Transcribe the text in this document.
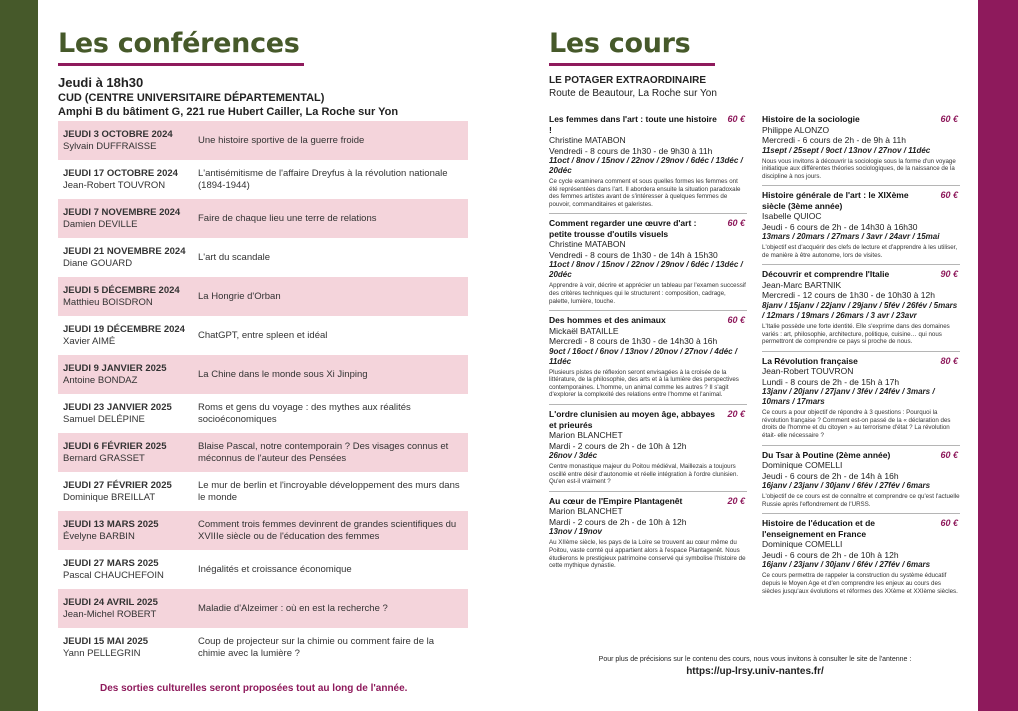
Les conférences
Jeudi à 18h30
CUD (CENTRE UNIVERSITAIRE DÉPARTEMENTAL)
Amphi B du bâtiment G, 221 rue Hubert Cailler, La Roche sur Yon
JEUDI 3 OCTOBRE 2024
Sylvain DUFFRAISSE
Une histoire sportive de la guerre froide
JEUDI 17 OCTOBRE 2024
Jean-Robert TOUVRON
L'antisémitisme de l'affaire Dreyfus à la révolution nationale (1894-1944)
JEUDI 7 NOVEMBRE 2024
Damien DEVILLE
Faire de chaque lieu une terre de relations
JEUDI 21 NOVEMBRE 2024
Diane GOUARD
L'art du scandale
JEUDI 5 DÉCEMBRE 2024
Matthieu BOISDRON
La Hongrie d'Orban
JEUDI 19 DÉCEMBRE 2024
Xavier AIMÉ
ChatGPT, entre spleen et idéal
JEUDI 9 JANVIER 2025
Antoine BONDAZ
La Chine dans le monde sous Xi Jinping
JEUDI 23 JANVIER 2025
Samuel DELÉPINE
Roms et gens du voyage : des mythes aux réalités socioéconomiques
JEUDI 6 FÉVRIER 2025
Bernard GRASSET
Blaise Pascal, notre contemporain ? Des visages connus et méconnus de l'auteur des Pensées
JEUDI 27 FÉVRIER 2025
Dominique BREILLAT
Le mur de berlin et l'incroyable développement des murs dans le monde
JEUDI 13 MARS 2025
Évelyne BARBIN
Comment trois femmes devinrent de grandes scientifiques du XVIIIe siècle ou de l'éducation des femmes
JEUDI 27 MARS 2025
Pascal CHAUCHEFOIN
Inégalités et croissance économique
JEUDI 24 AVRIL 2025
Jean-Michel ROBERT
Maladie d'Alzeimer : où en est la recherche ?
JEUDI 15 MAI 2025
Yann PELLEGRIN
Coup de projecteur sur la chimie ou comment faire de la chimie avec la lumière ?
Des sorties culturelles seront proposées tout au long de l'année.
Les cours
LE POTAGER EXTRAORDINAIRE
Route de Beautour, La Roche sur Yon
Les femmes dans l'art : toute une histoire !
60 €
Christine MATABON
Vendredi - 8 cours de 1h30 - de 9h30 à 11h
11oct / 8nov / 15nov / 22nov / 29nov / 6déc / 13déc / 20déc
Ce cycle examinera comment et sous quelles formes les femmes ont été représentées dans l'art. Il abordera ensuite la situation paradoxale des femmes artistes avant de s'intéresser à quelques femmes de pouvoir, commanditaires et galeristes.
Comment regarder une œuvre d'art : petite trousse d'outils visuels
60 €
Christine MATABON
Vendredi - 8 cours de 1h30 - de 14h à 15h30
11oct / 8nov / 15nov / 22nov / 29nov / 6déc / 13déc / 20déc
Apprendre à voir, décrire et apprécier un tableau par l'examen successif des critères techniques qui le structurent : composition, cadrage, palette, lumière, touche.
Des hommes et des animaux	60 €
Mickaël BATAILLE
Mercredi - 8 cours de 1h30 - de 14h30 à 16h
9oct / 16oct / 6nov / 13nov / 20nov / 27nov / 4déc / 11déc
Plusieurs pistes de réflexion seront envisagées à la croisée de la littérature, de la philosophie, des arts et à la lumière des perspectives contemporaines. L'homme, un animal comme les autres ? Il s'agit d'explorer la complexité des relations entre l'homme et l'animal.
L'ordre clunisien au moyen âge, abbayes et prieurés
20 €
Marion BLANCHET
Mardi - 2 cours de 2h - de 10h à 12h
26nov / 3déc
Centre monastique majeur du Poitou médiéval, Maillezais a toujours oscillé entre désir d'autonomie et réelle intégration à l'ordre clunisien. Qu'en est-il vraiment ?
Au cœur de l'Empire Plantagenêt	20 €
Marion BLANCHET
Mardi - 2 cours de 2h - de 10h à 12h
13nov / 19nov
Au XIIème siècle, les pays de la Loire se trouvent au cœur même du Poitou, vaste comté qui appartient alors à l'espace Plantagenêt. Nous étudierons le prestigieux patrimoine conservé qui symbolise l'histoire de cette mythique dynastie.
Histoire de la sociologie	60 €
Philippe ALONZO
Mercredi - 6 cours de 2h - de 9h à 11h
11sept / 25sept / 9oct / 13nov / 27nov / 11déc
Nous vous invitons à découvrir la sociologie sous la forme d'un voyage initiatique aux différentes théories sociologiques, de la naissance de la discipline à nos jours.
Histoire générale de l'art : le XIXème siècle (3ème année)
60 €
Isabelle QUIOC
Jeudi - 6 cours de 2h - de 14h30 à 16h30
13mars / 20mars / 27mars / 3avr / 24avr / 15mai
L'objectif est d'acquérir des clefs de lecture et d'apprendre à les utiliser, de manière à être autonome, lors de visites.
Découvrir et comprendre l'Italie	90 €
Jean-Marc BARTNIK
Mercredi - 12 cours de 1h30 - de 10h30 à 12h
8janv / 15janv / 22janv / 29janv / 5fév / 26fév / 5mars / 12mars / 19mars / 26mars / 3 avr / 23avr
L'Italie possède une forte identité. Elle s'exprime dans des domaines variés : art, philosophie, architecture, politique, cuisine… qui nous permettront de comprendre ce pays si proche de nous.
La Révolution française	80 €
Jean-Robert TOUVRON
Lundi - 8 cours de 2h - de 15h à 17h
13janv / 20janv / 27janv / 3fév / 24fév / 3mars / 10mars / 17mars
Ce cours a pour objectif de répondre à 3 questions : Pourquoi la révolution française ? Comment est-on passé de la « déclaration des droits de l'homme et du citoyen » au terrorisme d'état ? La révolution était- elle nécessaire ?
Du Tsar à Poutine (2ème année)	60 €
Dominique COMELLI
Jeudi - 6 cours de 2h - de 14h à 16h
16janv / 23janv / 30janv / 6fév / 27fév / 6mars
L'objectif de ce cours est de connaître et comprendre ce qu'est l'actuelle Russie après l'effondrement de l'URSS.
Histoire de l'éducation et de l'enseignement en France
60 €
Dominique COMELLI
Jeudi - 6 cours de 2h - de 10h à 12h
16janv / 23janv / 30janv / 6fév / 27fév / 6mars
Ce cours permettra de rappeler la construction du système éducatif depuis le Moyen Age et d'en comprendre les enjeux au cours des siècles jusqu'aux évolutions et réformes des XXème et XXIème siècles.
Pour plus de précisions sur le contenu des cours, nous vous invitons à consulter le site de l'antenne :
https://up-lrsy.univ-nantes.fr/
